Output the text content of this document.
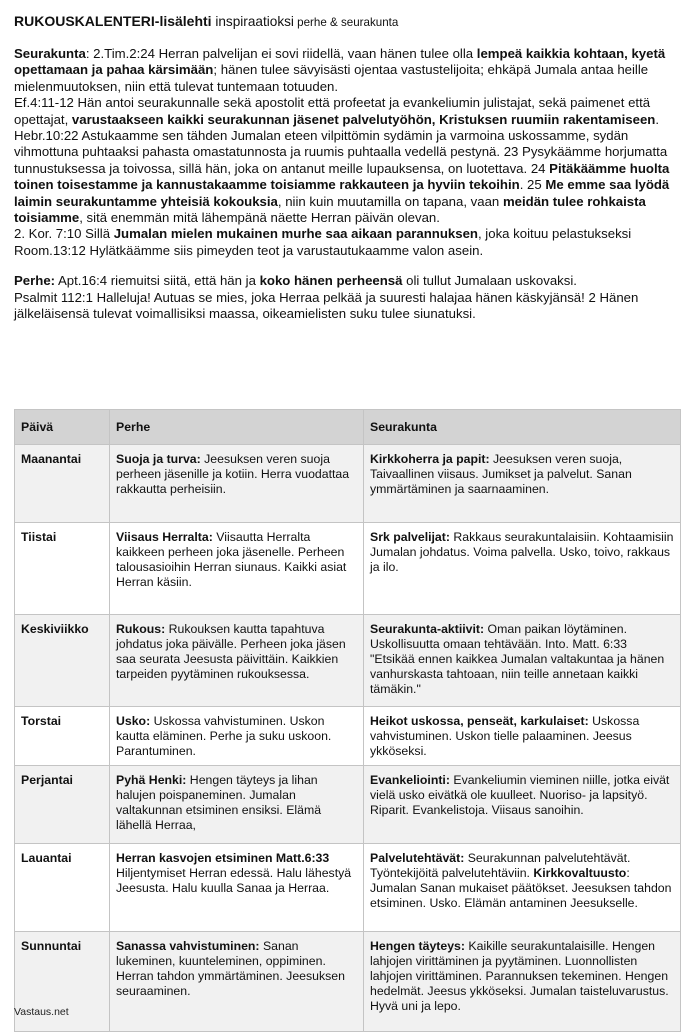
RUKOUSKALENTERI-lisälehti inspiraatioksi perhe & seurakunta

Seurakunta: 2.Tim.2:24 Herran palvelijan ei sovi riidellä, vaan hänen tulee olla lempeä kaikkia kohtaan, kyetä opettamaan ja pahaa kärsimään; hänen tulee sävyisästi ojentaa vastustelijoita; ehkäpä Jumala antaa heille mielenmuutoksen, niin että tulevat tuntemaan totuuden.

Ef.4:11-12 Hän antoi seurakunnalle sekä apostolit että profeetat ja evankeliumin julistajat, sekä paimenet että opettajat, varustaakseen kaikki seurakunnan jäsenet palvelutyöhön, Kristuksen ruumiin rakentamiseen.

Hebr.10:22 Astukaamme sen tähden Jumalan eteen vilpittömin sydämin ja varmoina uskossamme, sydän vihmottuna puhtaaksi pahasta omastatunnosta ja ruumis puhtaalla vedellä pestynä. 23 Pysykäämme horjumatta tunnustuksessa ja toivossa, sillä hän, joka on antanut meille lupauksensa, on luotettava. 24 Pitäkäämme huolta toinen toisestamme ja kannustakaamme toisiamme rakkauteen ja hyviin tekoihin. 25 Me emme saa lyödä laimin seurakuntamme yhteisiä kokouksia, niin kuin muutamilla on tapana, vaan meidän tulee rohkaista toisiamme, sitä enemmän mitä lähempänä näette Herran päivän olevan.

2. Kor. 7:10 Sillä Jumalan mielen mukainen murhe saa aikaan parannuksen, joka koituu pelastukseksi

Room.13:12 Hylätkäämme siis pimeyden teot ja varustautukaamme valon asein.

Perhe: Apt.16:4 riemuitsi siitä, että hän ja koko hänen perheensä oli tullut Jumalaan uskovaksi.

Psalmit 112:1 Halleluja! Autuas se mies, joka Herraa pelkää ja suuresti halajaa hänen käskyjänsä! 2 Hänen jälkeläisensä tulevat voimallisiksi maassa, oikeamielisten suku tulee siunatuksi.

Päivä	Perhe	Seurakunta
Maanantai	Suoja ja turva: Jeesuksen veren suoja perheen jäsenille ja kotiin. Herra vuodattaa rakkautta perheisiin.	Kirkkoherra ja papit: Jeesuksen veren suoja, Taivaallinen viisaus. Jumikset ja palvelut. Sanan ymmärtäminen ja saarnaaminen.
Tiistai	Viisaus Herralta: Viisautta Herralta kaikkeen perheen joka jäsenelle. Perheen talousasioihin Herran siunaus. Kaikki asiat Herran käsiin.	Srk palvelijat: Rakkaus seurakuntalaisiin. Kohtaamisiin Jumalan johdatus. Voima palvella. Usko, toivo, rakkaus ja ilo.
Keskiviikko	Rukous: Rukouksen kautta tapahtuva johdatus joka päivälle. Perheen joka jäsen saa seurata Jeesusta päivittäin. Kaikkien tarpeiden pyytäminen rukouksessa.	Seurakunta-aktiivit: Oman paikan löytäminen. Uskollisuutta omaan tehtävään. Into. Matt. 6:33 "Etsikää ennen kaikkea Jumalan valtakuntaa ja hänen vanhurskasta tahtoaan, niin teille annetaan kaikki tämäkin."
Torstai	Usko: Uskossa vahvistuminen. Uskon kautta eläminen. Perhe ja suku uskoon. Parantuminen.	Heikot uskossa, penseät, karkulaiset: Uskossa vahvistuminen. Uskon tielle palaaminen. Jeesus ykköseksi.
Perjantai	Pyhä Henki: Hengen täyteys ja lihan halujen poispaneminen. Jumalan valtakunnan etsiminen ensiksi. Elämä lähellä Herraa,	Evankeliointi: Evankeliumin vieminen niille, jotka eivät vielä usko eivätkä ole kuulleet. Nuoriso- ja lapsityö. Riparit. Evankelistoja. Viisaus sanoihin.
Lauantai	Herran kasvojen etsiminen Matt.6:33 Hiljentymiset Herran edessä. Halu lähestyä Jeesusta. Halu kuulla Sanaa ja Herraa.	Palvelutehtävät: Seurakunnan palvelutehtävät. Työntekijöitä palvelutehtäviin. Kirkkovaltuusto: Jumalan Sanan mukaiset päätökset. Jeesuksen tahdon etsiminen. Usko. Elämän antaminen Jeesukselle.
Sunnuntai	Sanassa vahvistuminen: Sanan lukeminen, kuunteleminen, oppiminen. Herran tahdon ymmärtäminen. Jeesuksen seuraaminen.	Hengen täyteys: Kaikille seurakuntalaisille. Hengen lahjojen virittäminen ja pyytäminen. Luonnollisten lahjojen virittäminen. Parannuksen tekeminen. Hengen hedelmät. Jeesus ykköseksi. Jumalan taisteluvarustus. Hyvä uni ja lepo.
Vastaus.net
